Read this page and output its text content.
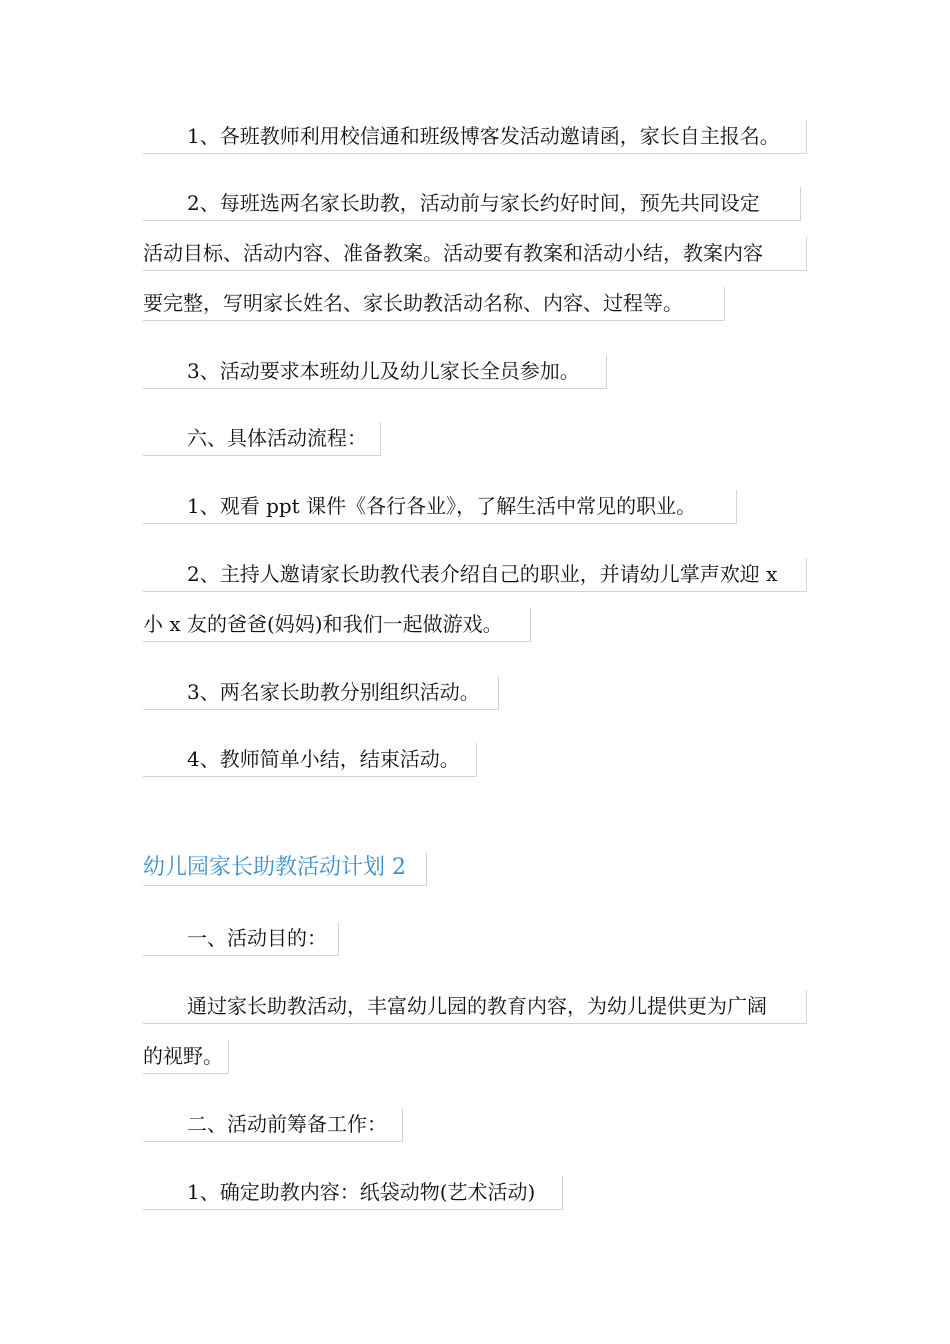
1、各班教师利用校信通和班级博客发活动邀请函，家长自主报名。
2、每班选两名家长助教，活动前与家长约好时间，预先共同设定
活动目标、活动内容、准备教案。活动要有教案和活动小结，教案内容
要完整，写明家长姓名、家长助教活动名称、内容、过程等。
3、活动要求本班幼儿及幼儿家长全员参加。
六、具体活动流程：
1、观看 ppt 课件《各行各业》，了解生活中常见的职业。
2、主持人邀请家长助教代表介绍自己的职业，并请幼儿掌声欢迎 x
小 x 友的爸爸(妈妈)和我们一起做游戏。
3、两名家长助教分别组织活动。
4、教师简单小结，结束活动。
幼儿园家长助教活动计划 2
一、活动目的：
通过家长助教活动，丰富幼儿园的教育内容，为幼儿提供更为广阔
的视野。
二、活动前筹备工作：
1、确定助教内容：纸袋动物(艺术活动)
